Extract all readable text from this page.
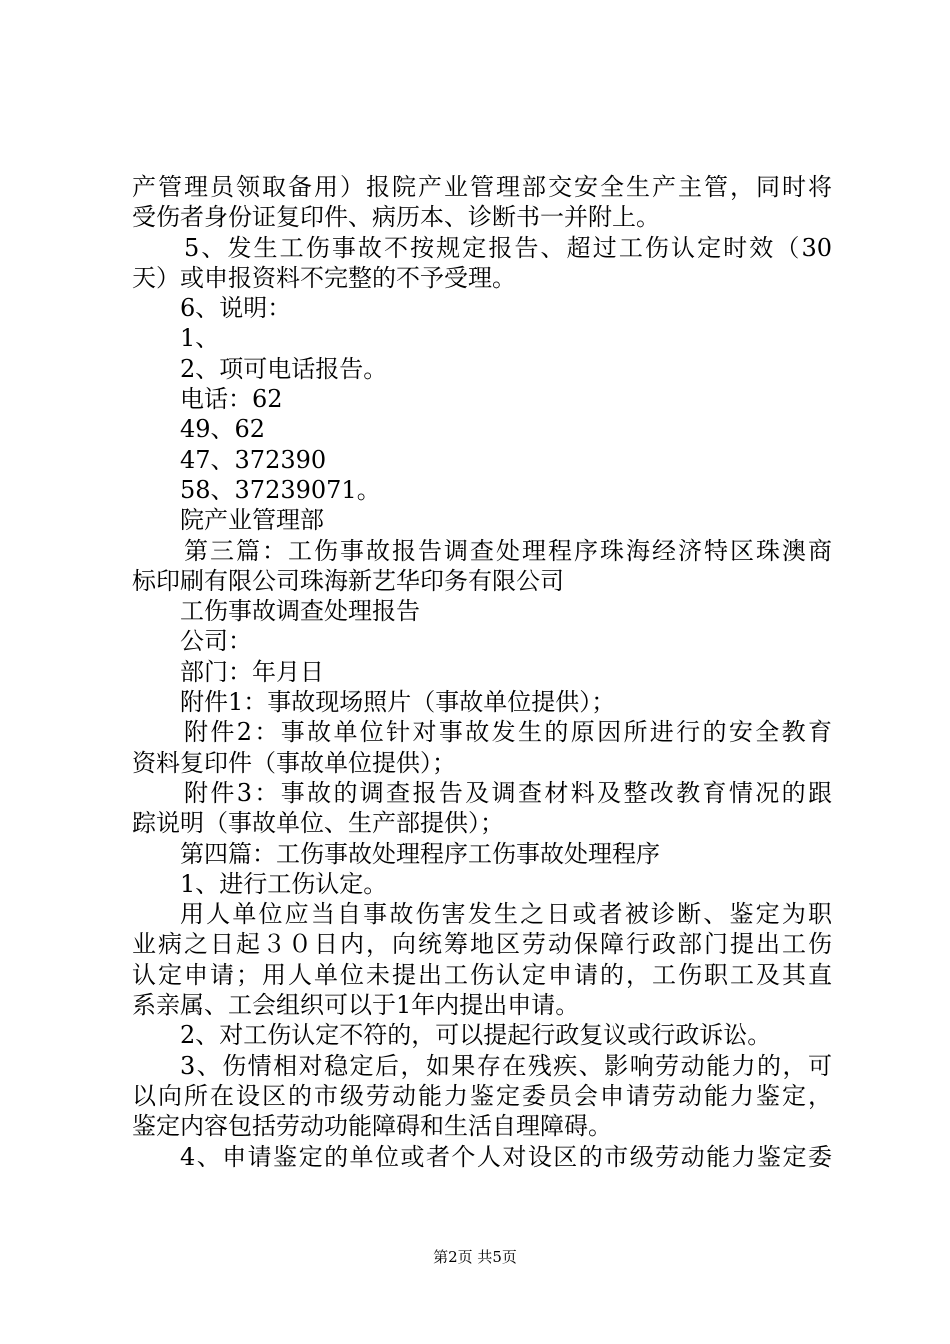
产管理员领取备用）报院产业管理部交安全生产主管，同时将
受伤者身份证复印件、病历本、诊断书一并附上。
5、发生工伤事故不按规定报告、超过工伤认定时效（30
天）或申报资料不完整的不予受理。
6、说明：
1、
2、项可电话报告。
电话：62
49、62
47、372390
58、37239071。
院产业管理部
第三篇：工伤事故报告调查处理程序珠海经济特区珠澳商
标印刷有限公司珠海新艺华印务有限公司
工伤事故调查处理报告
公司：
部门：年月日
附件1：事故现场照片（事故单位提供）；
附件2：事故单位针对事故发生的原因所进行的安全教育
资料复印件（事故单位提供）；
附件3：事故的调查报告及调查材料及整改教育情况的跟
踪说明（事故单位、生产部提供）；
第四篇：工伤事故处理程序工伤事故处理程序
1、进行工伤认定。
用人单位应当自事故伤害发生之日或者被诊断、鉴定为职
业病之日起３０日内，向统筹地区劳动保障行政部门提出工伤
认定申请；用人单位未提出工伤认定申请的，工伤职工及其直
系亲属、工会组织可以于1年内提出申请。
2、对工伤认定不符的，可以提起行政复议或行政诉讼。
3、伤情相对稳定后，如果存在残疾、影响劳动能力的，可
以向所在设区的市级劳动能力鉴定委员会申请劳动能力鉴定，
鉴定内容包括劳动功能障碍和生活自理障碍。
4、申请鉴定的单位或者个人对设区的市级劳动能力鉴定委
第2页 共5页
